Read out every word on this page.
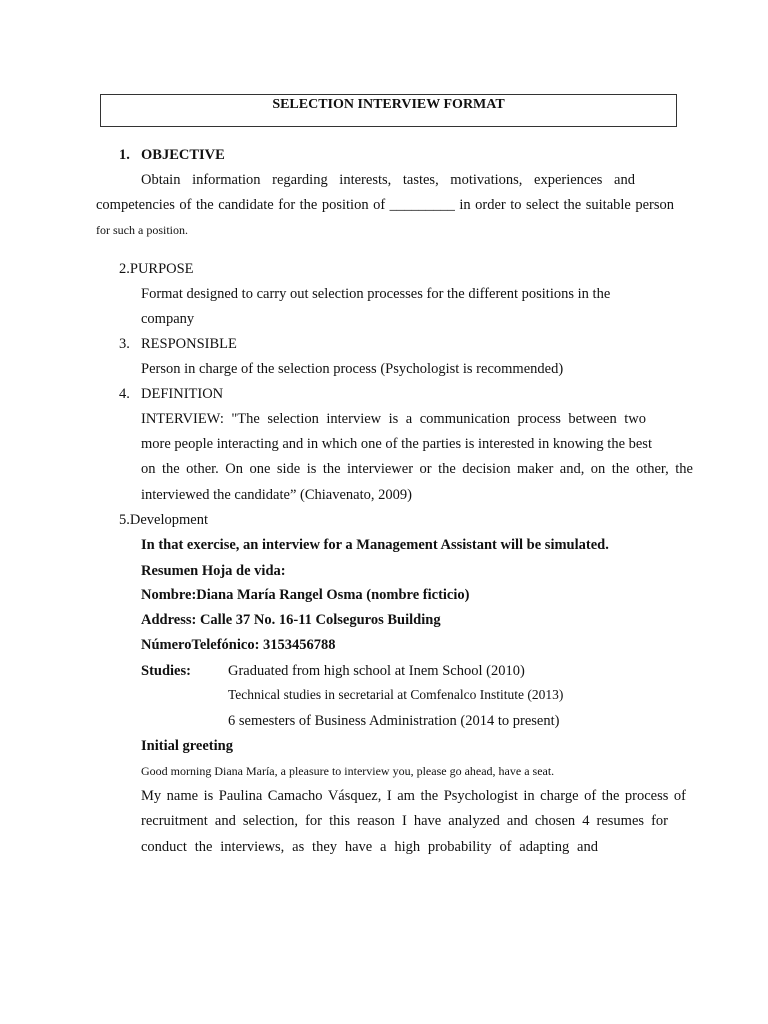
SELECTION INTERVIEW FORMAT
1. OBJECTIVE
Obtain information regarding interests, tastes, motivations, experiences and
competencies of the candidate for the position of _________ in order to select the suitable person
for such a position.
2.PURPOSE
Format designed to carry out selection processes for the different positions in the
company
3. RESPONSIBLE
Person in charge of the selection process (Psychologist is recommended)
4. DEFINITION
INTERVIEW: "The selection interview is a communication process between two
more people interacting and in which one of the parties is interested in knowing the best
on the other. On one side is the interviewer or the decision maker and, on the other, the
interviewed the candidate” (Chiavenato, 2009)
5.Development
In that exercise, an interview for a Management Assistant will be simulated.
Resumen Hoja de vida:
Nombre:Diana María Rangel Osma (nombre ficticio)
Address: Calle 37 No. 16-11 Colseguros Building
NúmeroTelefónico: 3153456788
Studies:	Graduated from high school at Inem School (2010)
Technical studies in secretarial at Comfenalco Institute (2013)
6 semesters of Business Administration (2014 to present)
Initial greeting
Good morning Diana María, a pleasure to interview you, please go ahead, have a seat.
My name is Paulina Camacho Vásquez, I am the Psychologist in charge of the process of
recruitment and selection, for this reason I have analyzed and chosen 4 resumes for
conduct the interviews, as they have a high probability of adapting and
